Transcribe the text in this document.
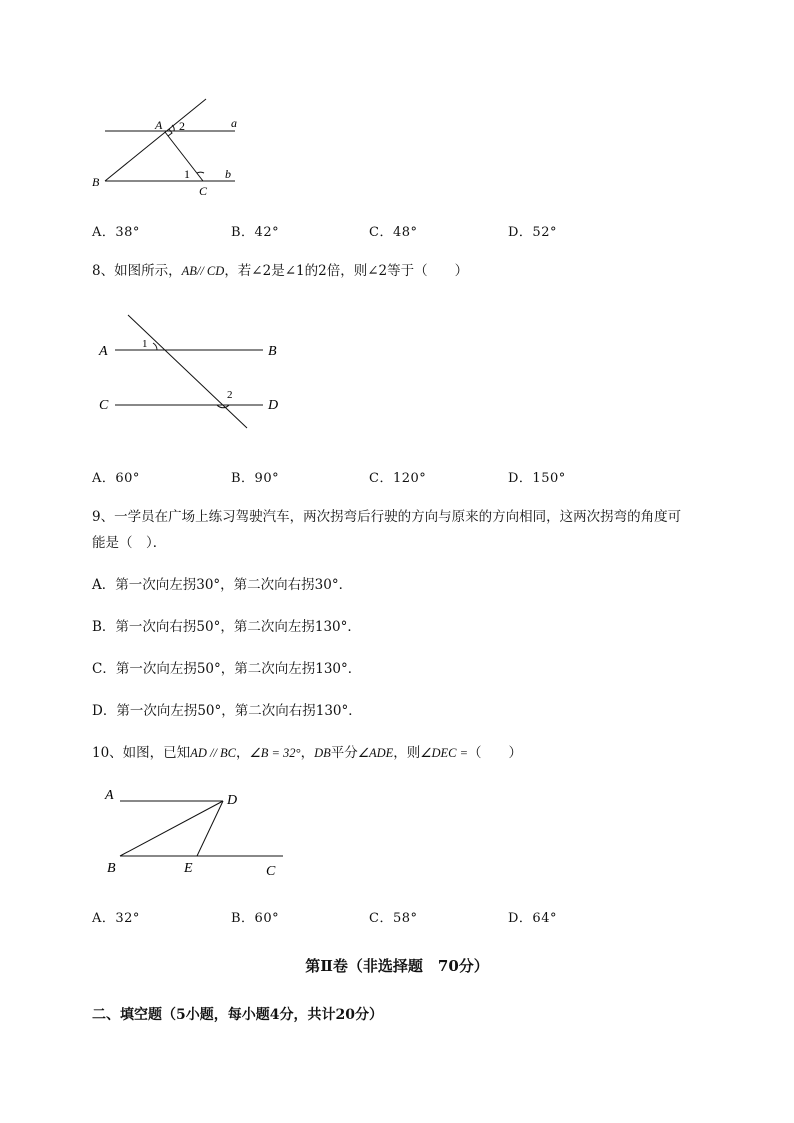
A 2	a
B
1
C
b
A．38°	B．42°	C．48°	D．52°
8、如图所示，AB// CD，若∠2是∠1的2倍，则∠2等于（　　）
A	B
C	D
1
2
A．60°	B．90°	C．120°	D．150°
9、一学员在广场上练习驾驶汽车，两次拐弯后行驶的方向与原来的方向相同，这两次拐弯的角度可
能是（　）．
A．第一次向左拐30°，第二次向右拐30°．
B．第一次向右拐50°，第二次向左拐130°．
C．第一次向左拐50°，第二次向左拐130°．
D．第一次向左拐50°，第二次向右拐130°．
10、如图，已知AD // BC，∠B = 32°，DB平分∠ADE，则∠DEC =（　　）
A	D
B	E	C
A．32°	B．60°	C．58°	D．64°
第Ⅱ卷（非选择题　70分）
二、填空题（5小题，每小题4分，共计20分）
